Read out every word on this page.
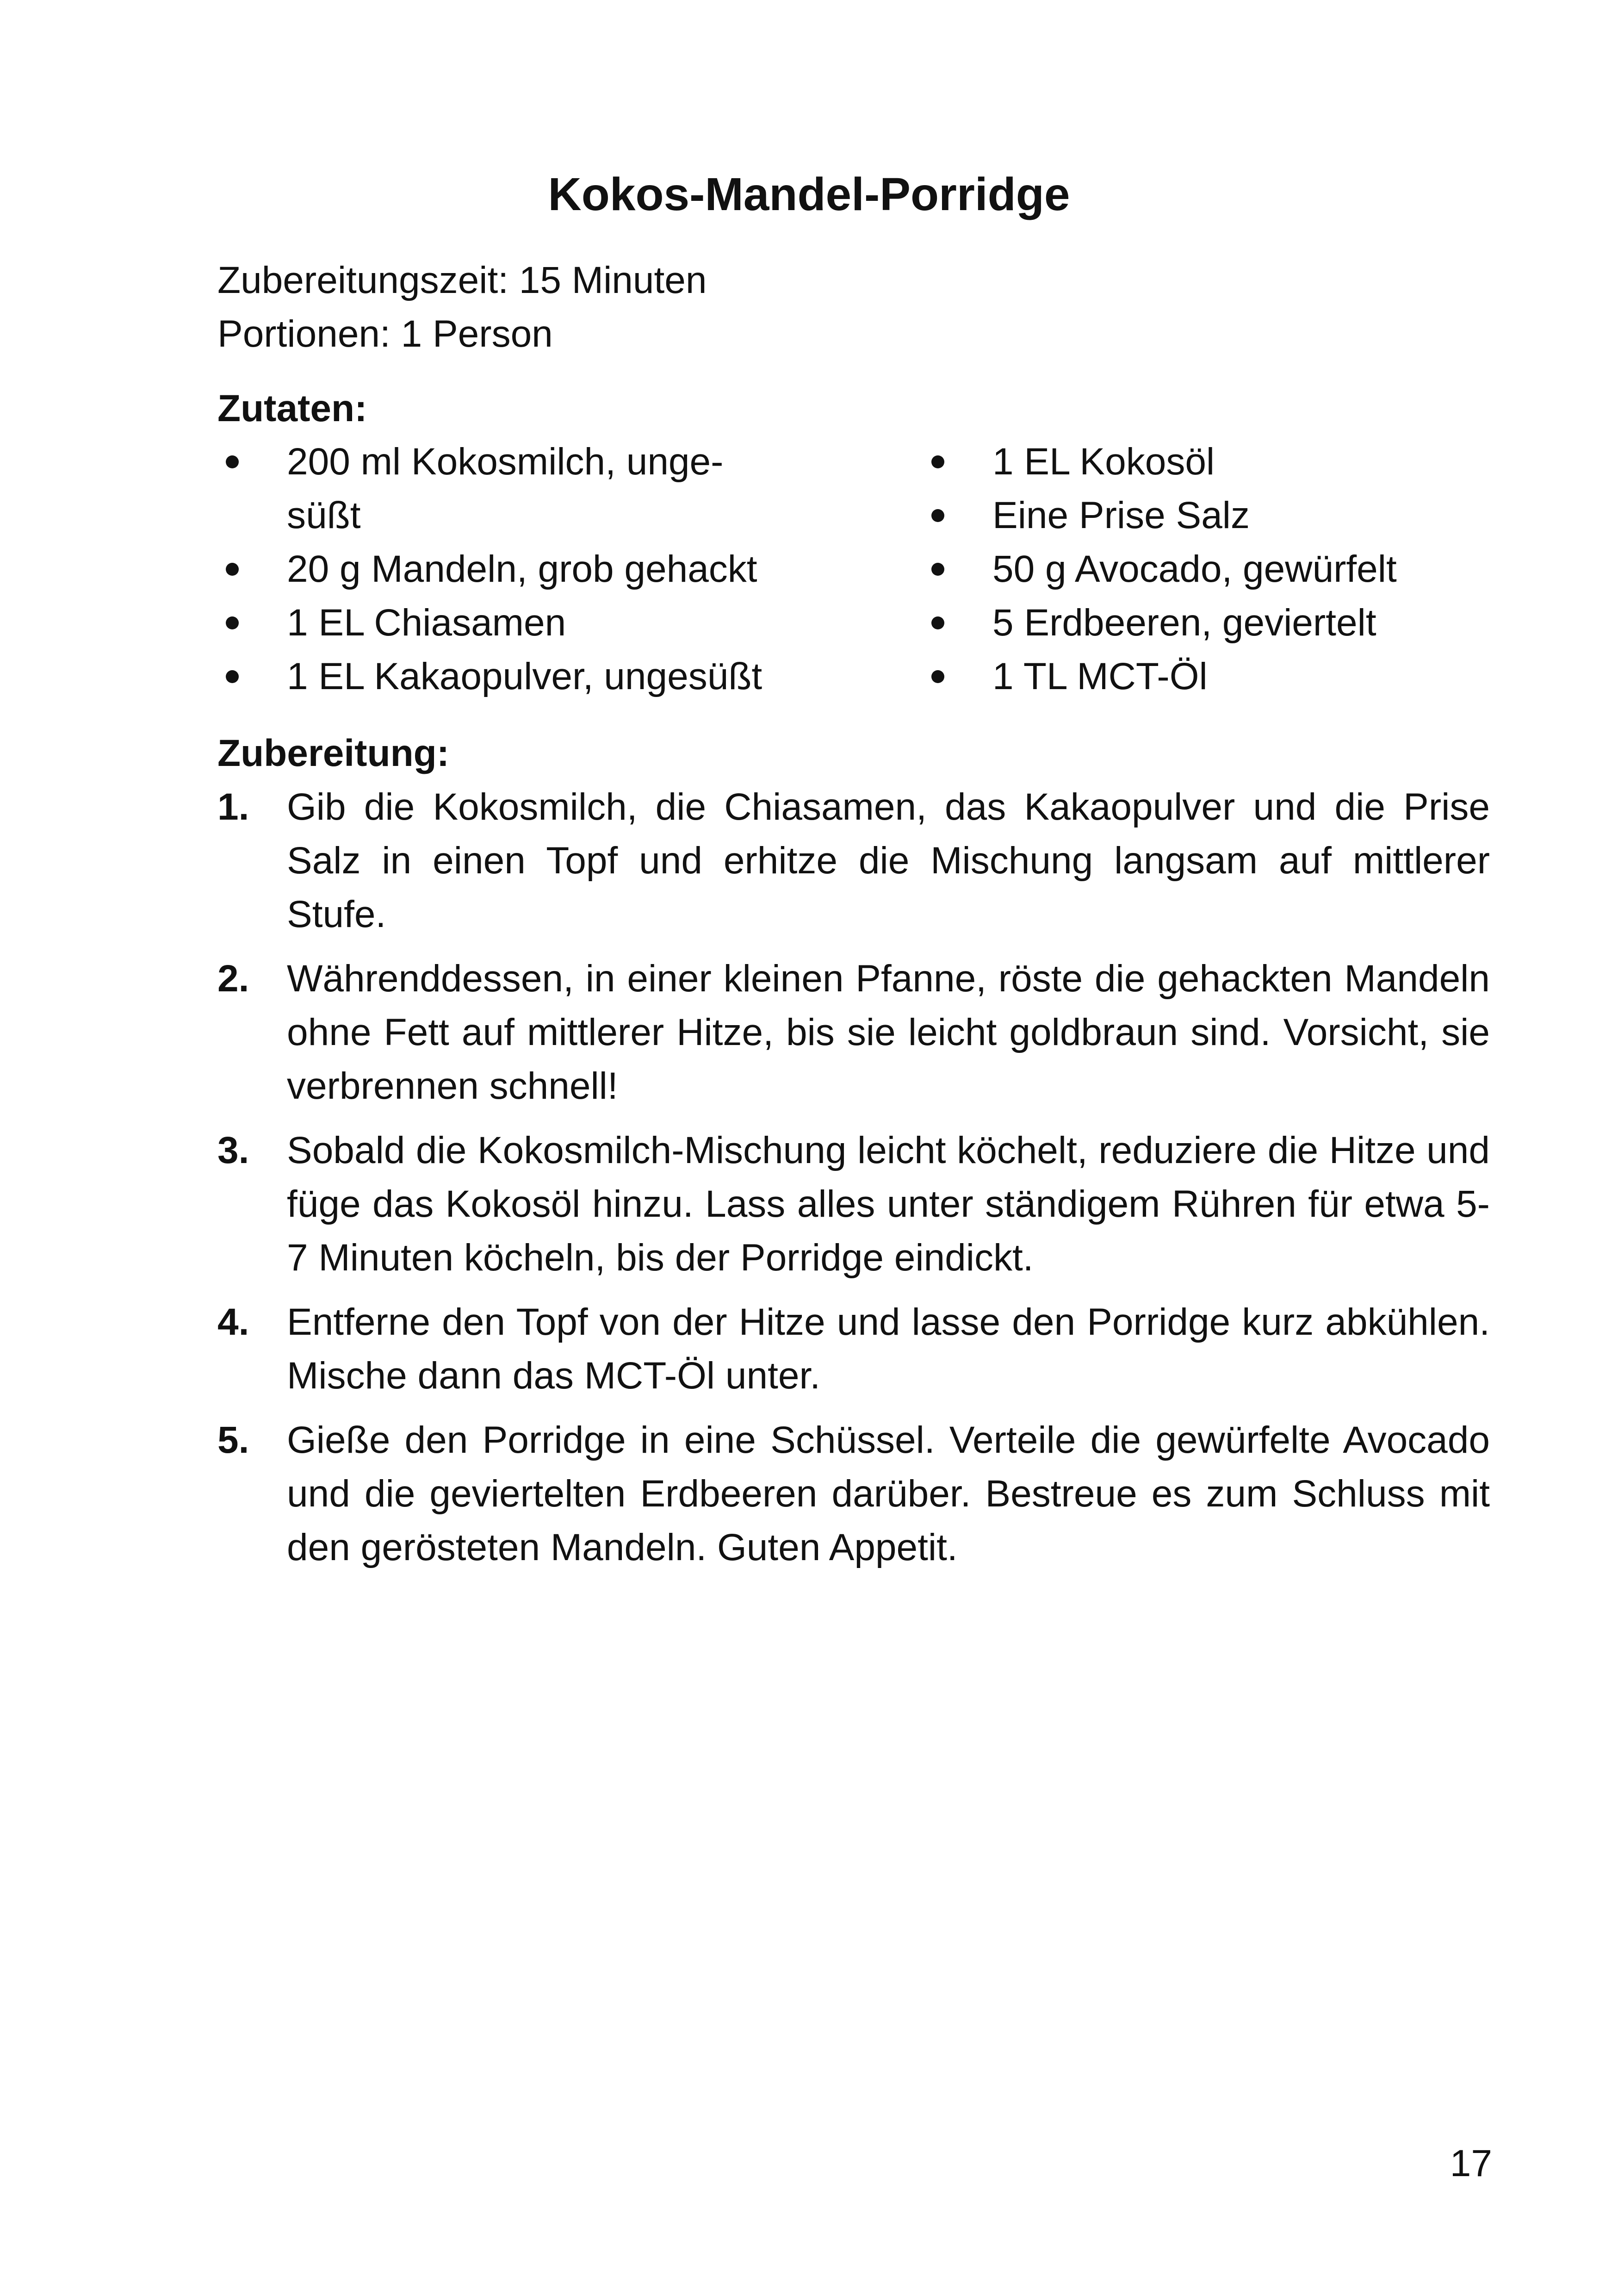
Kokos-Mandel-Porridge
Zubereitungszeit: 15 Minuten
Portionen: 1 Person
Zutaten:
200 ml Kokosmilch, unge-
süßt
20 g Mandeln, grob gehackt
1 EL Chiasamen
1 EL Kakaopulver, ungesüßt
1 EL Kokosöl
Eine Prise Salz
50 g Avocado, gewürfelt
5 Erdbeeren, geviertelt
1 TL MCT-Öl
Zubereitung:
1. Gib die Kokosmilch, die Chiasamen, das Kakaopulver und die Prise Salz in einen Topf und erhitze die Mischung langsam auf mittlerer Stufe.
2. Währenddessen, in einer kleinen Pfanne, röste die gehackten Mandeln ohne Fett auf mittlerer Hitze, bis sie leicht goldbraun sind. Vorsicht, sie verbrennen schnell!
3. Sobald die Kokosmilch-Mischung leicht köchelt, reduziere die Hitze und füge das Kokosöl hinzu. Lass alles unter ständigem Rühren für etwa 5-7 Minuten köcheln, bis der Porridge eindickt.
4. Entferne den Topf von der Hitze und lasse den Porridge kurz abkühlen. Mische dann das MCT-Öl unter.
5. Gieße den Porridge in eine Schüssel. Verteile die gewürfelte Avocado und die geviertelten Erdbeeren darüber. Bestreue es zum Schluss mit den gerösteten Mandeln. Guten Appetit.
17
